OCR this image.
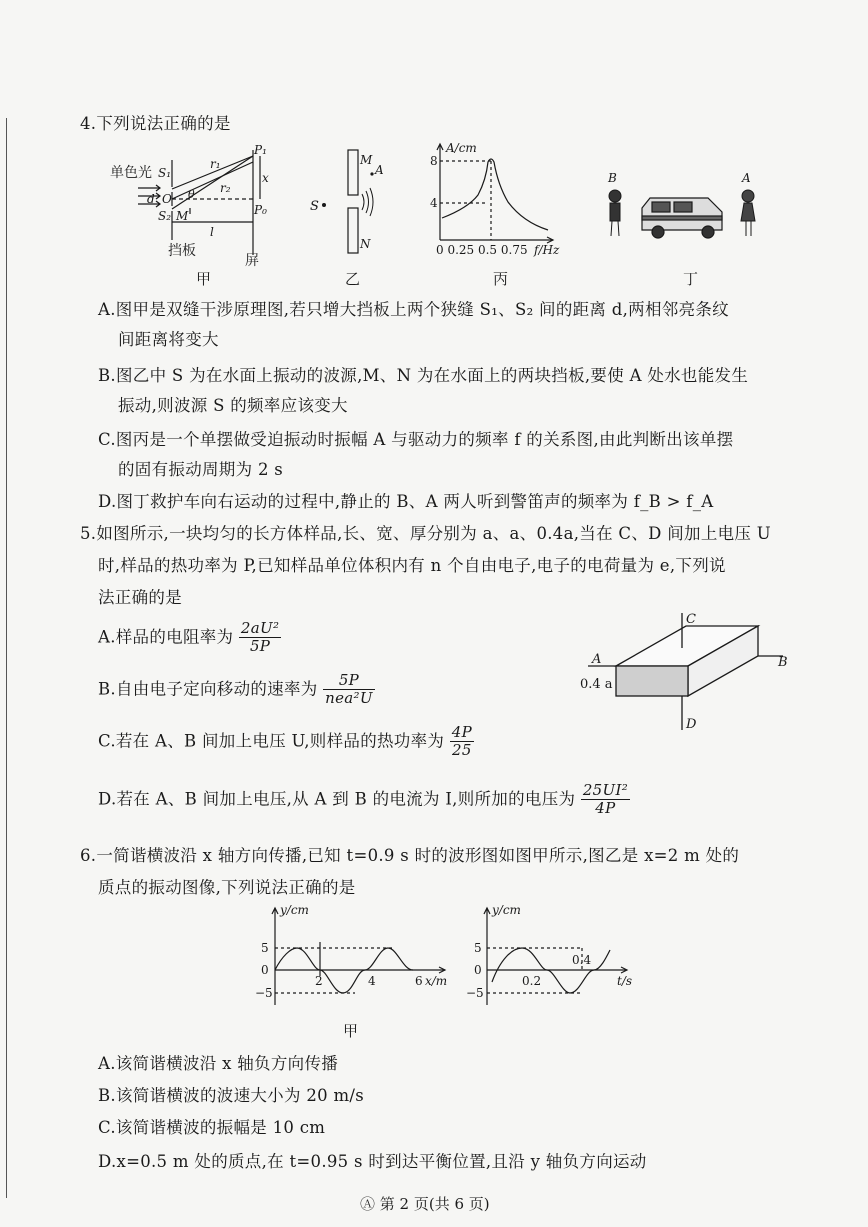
4.下列说法正确的是
单色光 S₁
S₂
O
d	θ
r₁
r₂
P₁
P₀
x
M
l
挡板
屏
S
M
A
N
A/cm
8
4
0 0.25 0.5 0.75 f/Hz
B	A
甲	乙	丙	丁
A.图甲是双缝干涉原理图,若只增大挡板上两个狭缝 S₁、S₂ 间的距离 d,两相邻亮条纹
间距离将变大
B.图乙中 S 为在水面上振动的波源,M、N 为在水面上的两块挡板,要使 A 处水也能发生
振动,则波源 S 的频率应该变大
C.图丙是一个单摆做受迫振动时振幅 A 与驱动力的频率 f 的关系图,由此判断出该单摆
的固有振动周期为 2 s
D.图丁救护车向右运动的过程中,静止的 B、A 两人听到警笛声的频率为 f_B > f_A
5.如图所示,一块均匀的长方体样品,长、宽、厚分别为 a、a、0.4a,当在 C、D 间加上电压 U
时,样品的热功率为 P,已知样品单位体积内有 n 个自由电子,电子的电荷量为 e,下列说
法正确的是
A.样品的电阻率为 $\frac{\text{2aU²}}{5P}$
B.自由电子定向移动的速率为 $\frac{5P}{\text{nea²U}}$
C.若在 A、B 间加上电压 U,则样品的热功率为 $\frac{4P}{25}$
D.若在 A、B 间加上电压,从 A 到 B 的电流为 I,则所加的电压为 $\frac{\text{25UI²}}{4P}$
C
D
A	B
0.4 a
6.一简谐横波沿 x 轴方向传播,已知 t=0.9 s 时的波形图如图甲所示,图乙是 x=2 m 处的
质点的振动图像,下列说法正确的是
y/cm
5
0
−5
2	4	6 x/m
y/cm
5
0
−5
0.2
0.4
t/s
甲
A.该简谐横波沿 x 轴负方向传播
B.该简谐横波的波速大小为 20 m/s
C.该简谐横波的振幅是 10 cm
D.x=0.5 m 处的质点,在 t=0.95 s 时到达平衡位置,且沿 y 轴负方向运动
Ⓐ 第 2 页(共 6 页)
